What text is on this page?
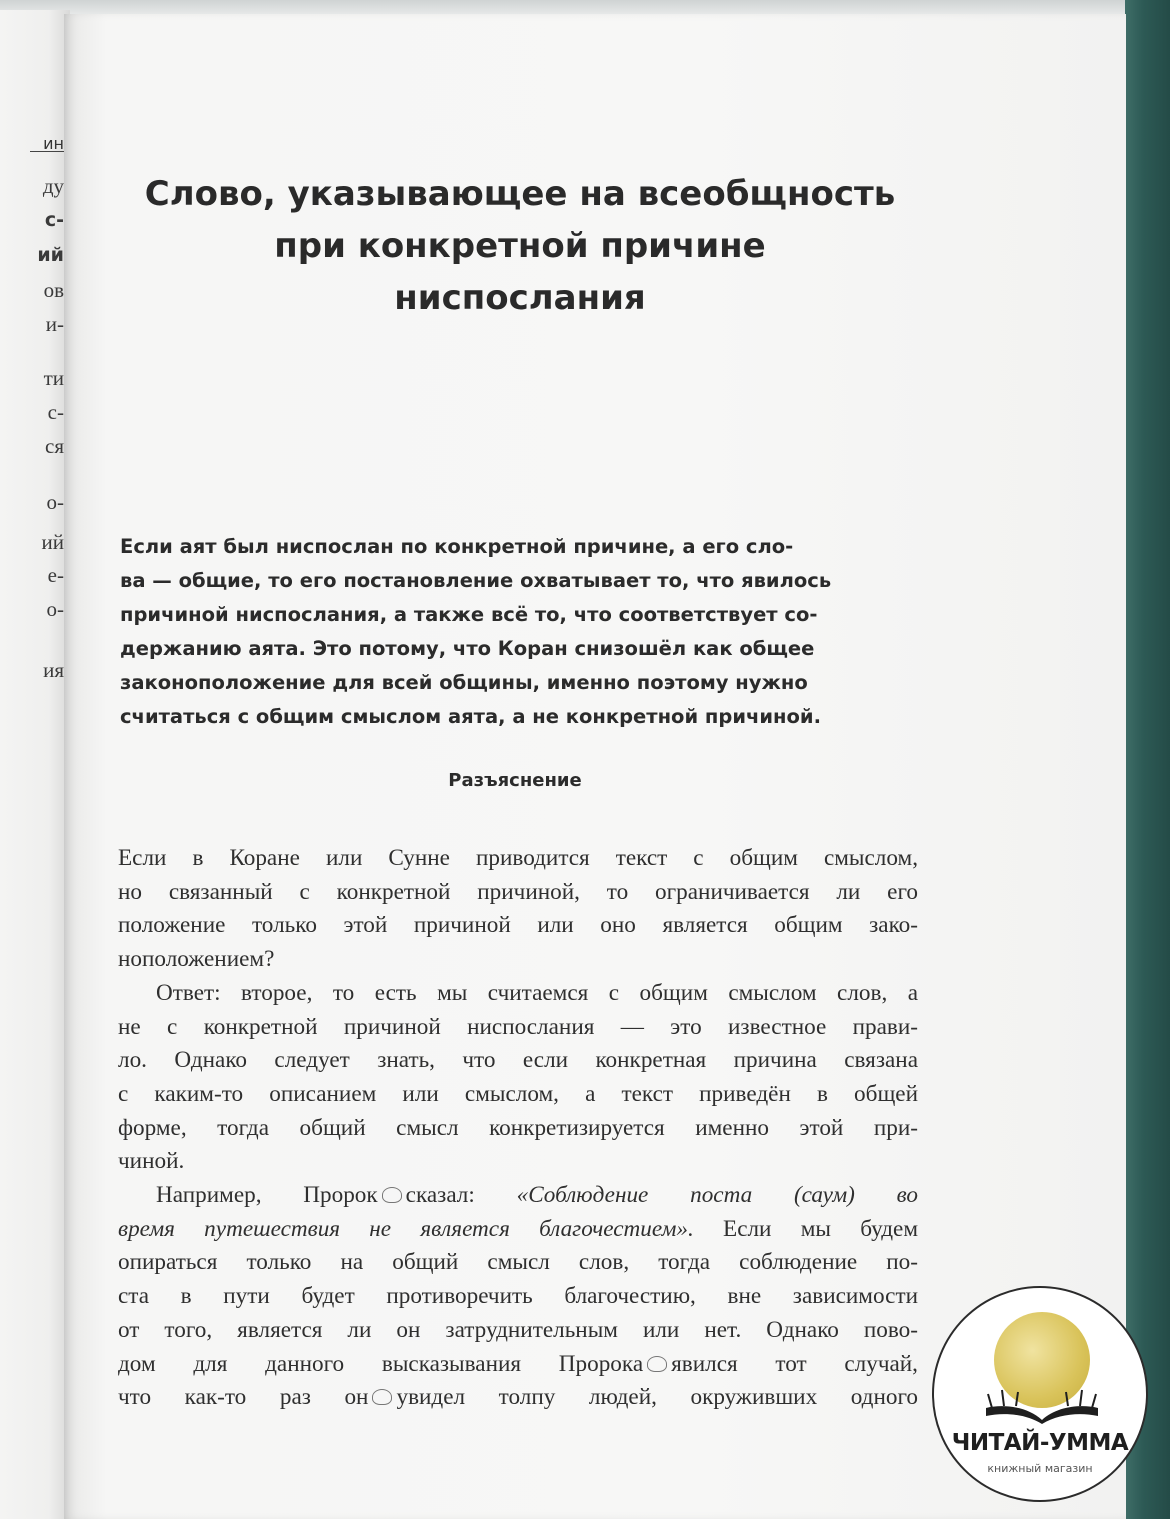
ин
ду
с-
ий
ов
и-
ти
с-
ся
о-
ий
е-
о-
ия
Слово, указывающее на всеобщность
при конкретной причине
ниспослания
Если аят был ниспослан по конкретной причине, а его сло-
ва — общие, то его постановление охватывает то, что явилось
причиной ниспослания, а также всё то, что соответствует со-
держанию аята. Это потому, что Коран снизошёл как общее
законоположение для всей общины, именно поэтому нужно
считаться с общим смыслом аята, а не конкретной причиной.
Разъяснение
Если в Коране или Сунне приводится текст с общим смыслом,
но связанный с конкретной причиной, то ограничивается ли его
положение только этой причиной или оно является общим зако-
ноположением?
Ответ: второе, то есть мы считаемся с общим смыслом слов, а
не с конкретной причиной ниспослания — это известное прави-
ло. Однако следует знать, что если конкретная причина связана
с каким-то описанием или смыслом, а текст приведён в общей
форме, тогда общий смысл конкретизируется именно этой при-
чиной.
Например, Пророк сказал: «Соблюдение поста (саум) во
время путешествия не является благочестием». Если мы будем
опираться только на общий смысл слов, тогда соблюдение по-
ста в пути будет противоречить благочестию, вне зависимости
от того, является ли он затруднительным или нет. Однако пово-
дом для данного высказывания Пророка явился тот случай,
что как-то раз он увидел толпу людей, окруживших одного
ЧИТАЙ-УММА
книжный магазин
